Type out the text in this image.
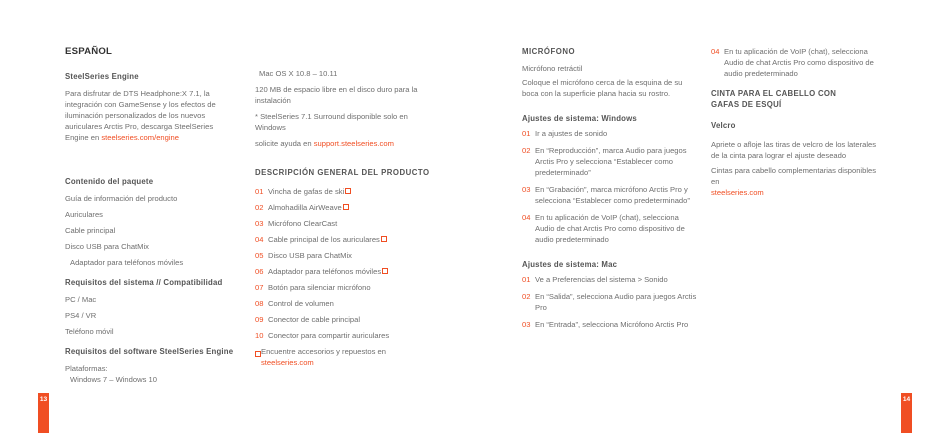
ESPAÑOL
SteelSeries Engine

Para disfrutar de DTS Headphone:X 7.1, la integración con GameSense y los efectos de iluminación personalizados de los nuevos auriculares Arctis Pro, descarga SteelSeries Engine en steelseries.com/engine

Contenido del paquete

Guía de información del producto

Auriculares

Cable principal

Disco USB para ChatMix

Adaptador para teléfonos móviles

Requisitos del sistema // Compatibilidad

PC / Mac

PS4 / VR

Teléfono móvil

Requisitos del software SteelSeries Engine

Plataformas:

Windows 7 – Windows 10

Mac OS X 10.8 – 10.11

120 MB de espacio libre en el disco duro para la instalación

* SteelSeries 7.1 Surround disponible solo en Windows

solicite ayuda en support.steelseries.com

DESCRIPCIÓN GENERAL DEL PRODUCTO
01 Vincha de gafas de ski
02 Almohadilla AirWeave
03 Micrófono ClearCast
04 Cable principal de los auriculares
05 Disco USB para ChatMix
06 Adaptador para teléfonos móviles
07 Botón para silenciar micrófono
08 Control de volumen
09 Conector de cable principal
10 Conector para compartir auriculares

Encuentre accesorios y repuestos en
steelseries.com

MICRÓFONO

Micrófono retráctil

Coloque el micrófono cerca de la esquina de su boca con la superficie plana hacia su rostro.

Ajustes de sistema: Windows
01 Ir a ajustes de sonido
02 En “Reproducción”, marca Audio para juegos Arctis Pro y selecciona “Establecer como predeterminado”
03 En “Grabación”, marca micrófono Arctis Pro y selecciona “Establecer como predeterminado”
04 En tu aplicación de VoIP (chat), selecciona Audio de chat Arctis Pro como dispositivo de audio predeterminado
Ajustes de sistema: Mac
01 Ve a Preferencias del sistema > Sonido
02 En “Salida”, selecciona Audio para juegos Arctis Pro
03 En “Entrada”, selecciona Micrófono Arctis Pro
04 En tu aplicación de VoIP (chat), selecciona Audio de chat Arctis Pro como dispositivo de audio predeterminado

CINTA PARA EL CABELLO CON GAFAS DE ESQUÍ
Velcro

Apriete o afloje las tiras de velcro de los laterales de la cinta para lograr el ajuste deseado

Cintas para cabello complementarias disponibles en
steelseries.com

13	14
